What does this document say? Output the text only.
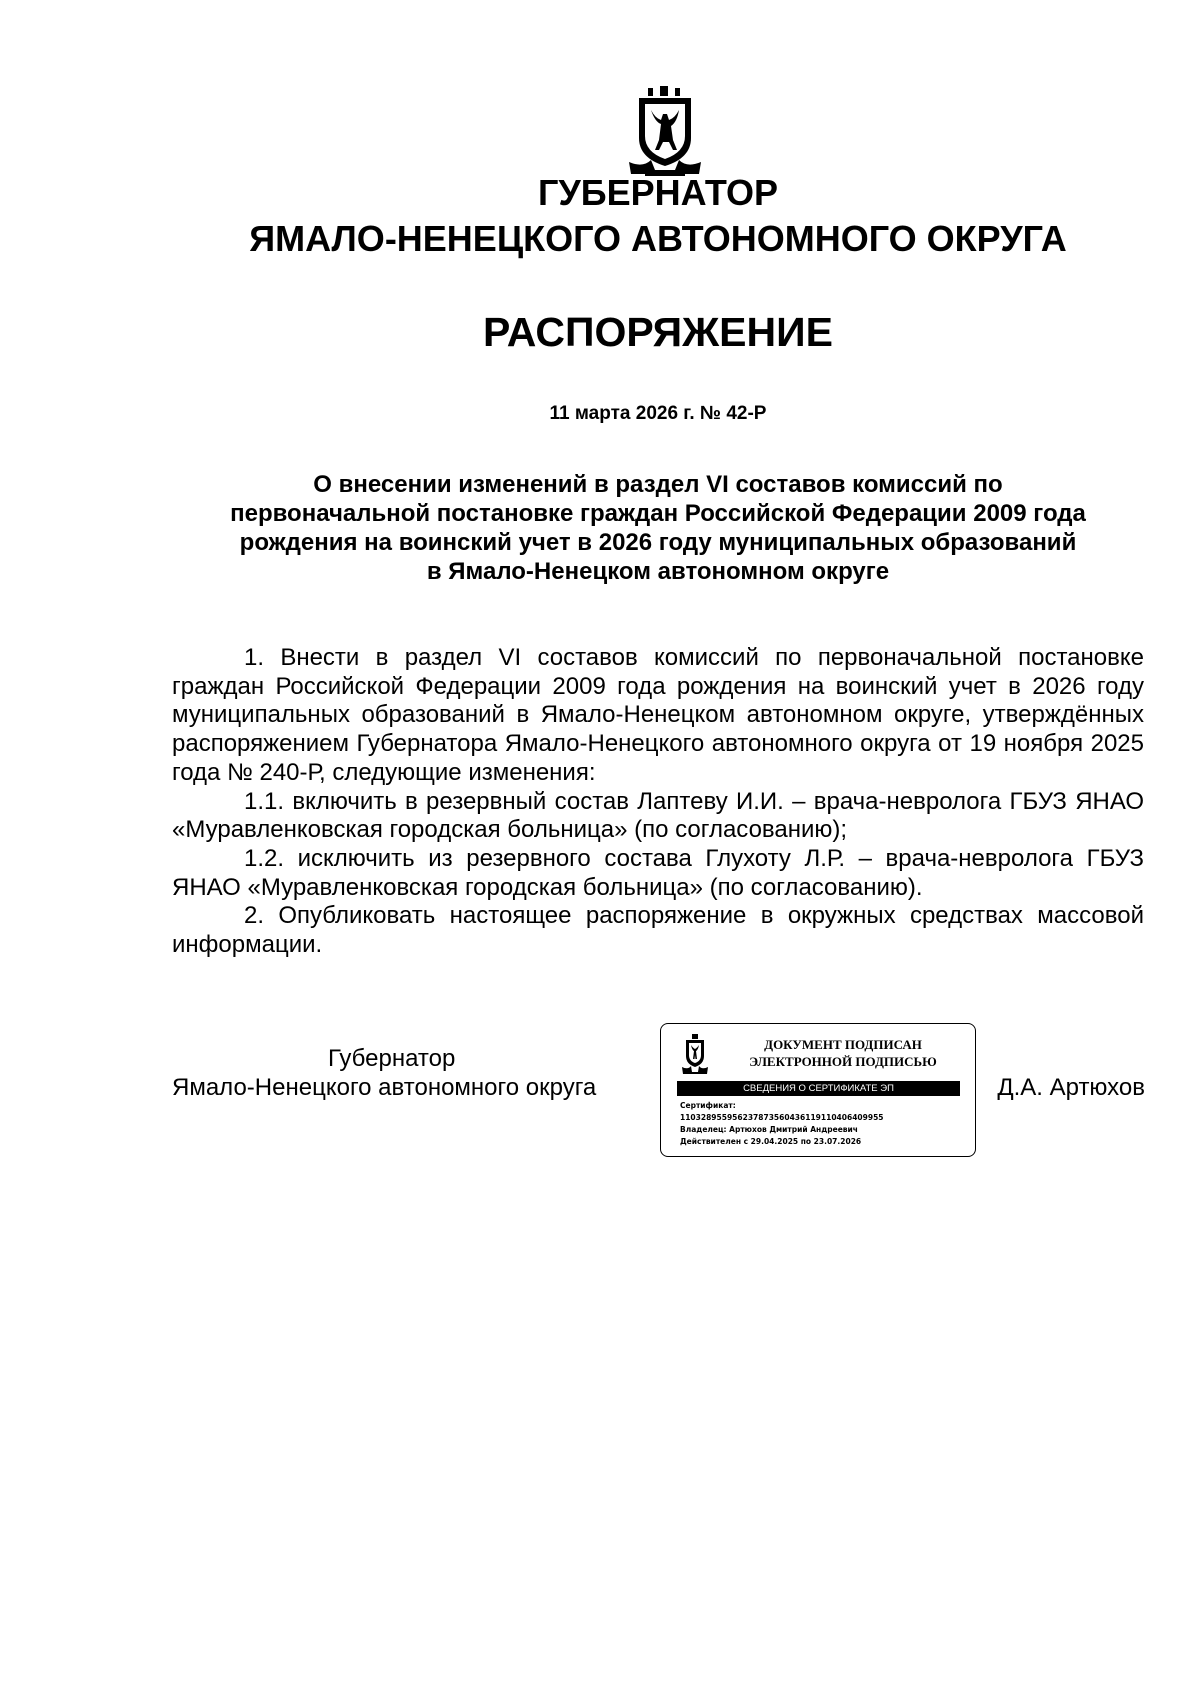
ГУБЕРНАТОР
ЯМАЛО-НЕНЕЦКОГО АВТОНОМНОГО ОКРУГА
РАСПОРЯЖЕНИЕ
11 марта 2026 г. № 42-Р
О внесении изменений в раздел VI составов комиссий по
первоначальной постановке граждан Российской Федерации 2009 года
рождения на воинский учет в 2026 году муниципальных образований
в Ямало-Ненецком автономном округе

1. Внести в раздел VI составов комиссий по первоначальной постановке граждан Российской Федерации 2009 года рождения на воинский учет в 2026 году муниципальных образований в Ямало-Ненецком автономном округе, утверждённых распоряжением Губернатора Ямало-Ненецкого автономного округа от 19 ноября 2025 года № 240-Р, следующие изменения:

1.1. включить в резервный состав Лаптеву И.И. – врача-невролога ГБУЗ ЯНАО «Муравленковская городская больница» (по согласованию);

1.2. исключить из резервного состава Глухоту Л.Р. – врача-невролога ГБУЗ ЯНАО «Муравленковская городская больница» (по согласованию).

2. Опубликовать настоящее распоряжение в окружных средствах массовой информации.

Губернатор
Ямало-Ненецкого автономного округа
ДОКУМЕНТ ПОДПИСАН
ЭЛЕКТРОННОЙ ПОДПИСЬЮ
СВЕДЕНИЯ О СЕРТИФИКАТЕ ЭП
Сертификат:
110328955956237873560436119110406409955
Владелец: Артюхов Дмитрий Андреевич
Действителен с 29.04.2025 по 23.07.2026
Д.А. Артюхов
